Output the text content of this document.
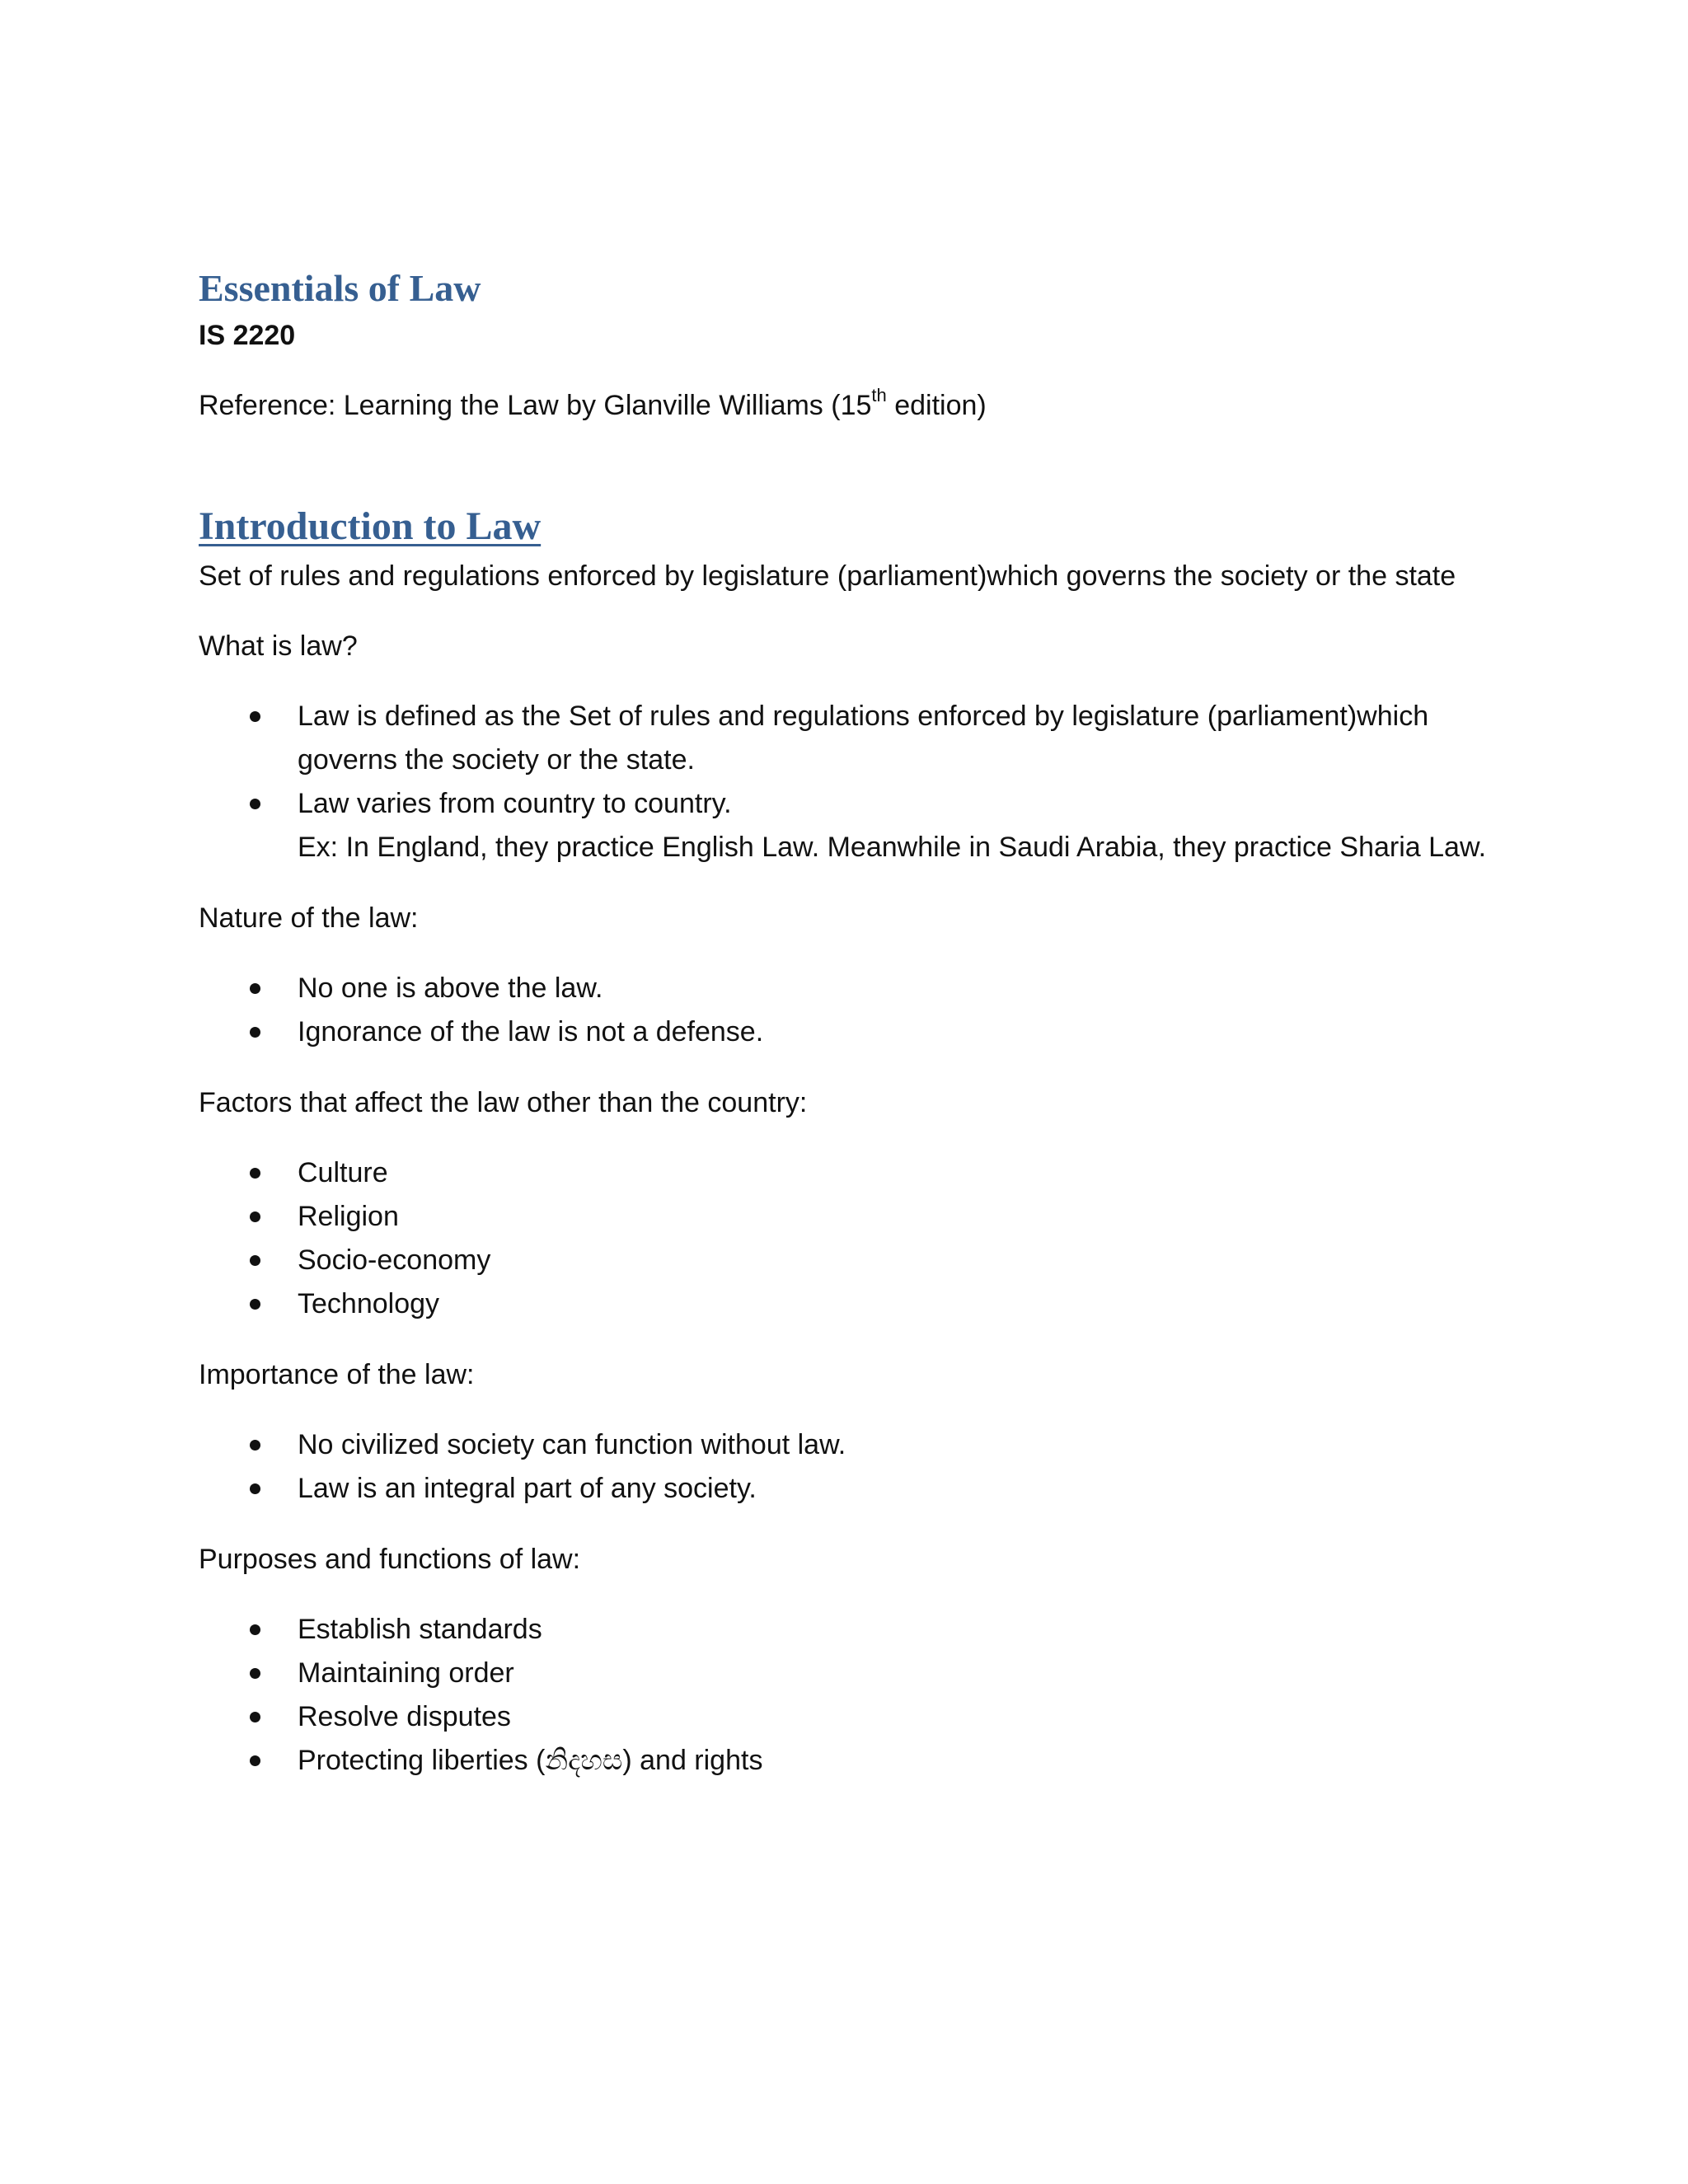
Essentials of Law

IS 2220

Reference: Learning the Law by Glanville Williams (15th edition)

Introduction to Law

Set of rules and regulations enforced by legislature (parliament)which governs the society or the state

What is law?

Law is defined as the Set of rules and regulations enforced by legislature (parliament)which governs the society or the state.
Law varies from country to country.
Ex: In England, they practice English Law. Meanwhile in Saudi Arabia, they practice Sharia Law.

Nature of the law:

No one is above the law.
Ignorance of the law is not a defense.

Factors that affect the law other than the country:

Culture
Religion
Socio-economy
Technology

Importance of the law:

No civilized society can function without law.
Law is an integral part of any society.

Purposes and functions of law:

Establish standards
Maintaining order
Resolve disputes
Protecting liberties (නිදහස) and rights
